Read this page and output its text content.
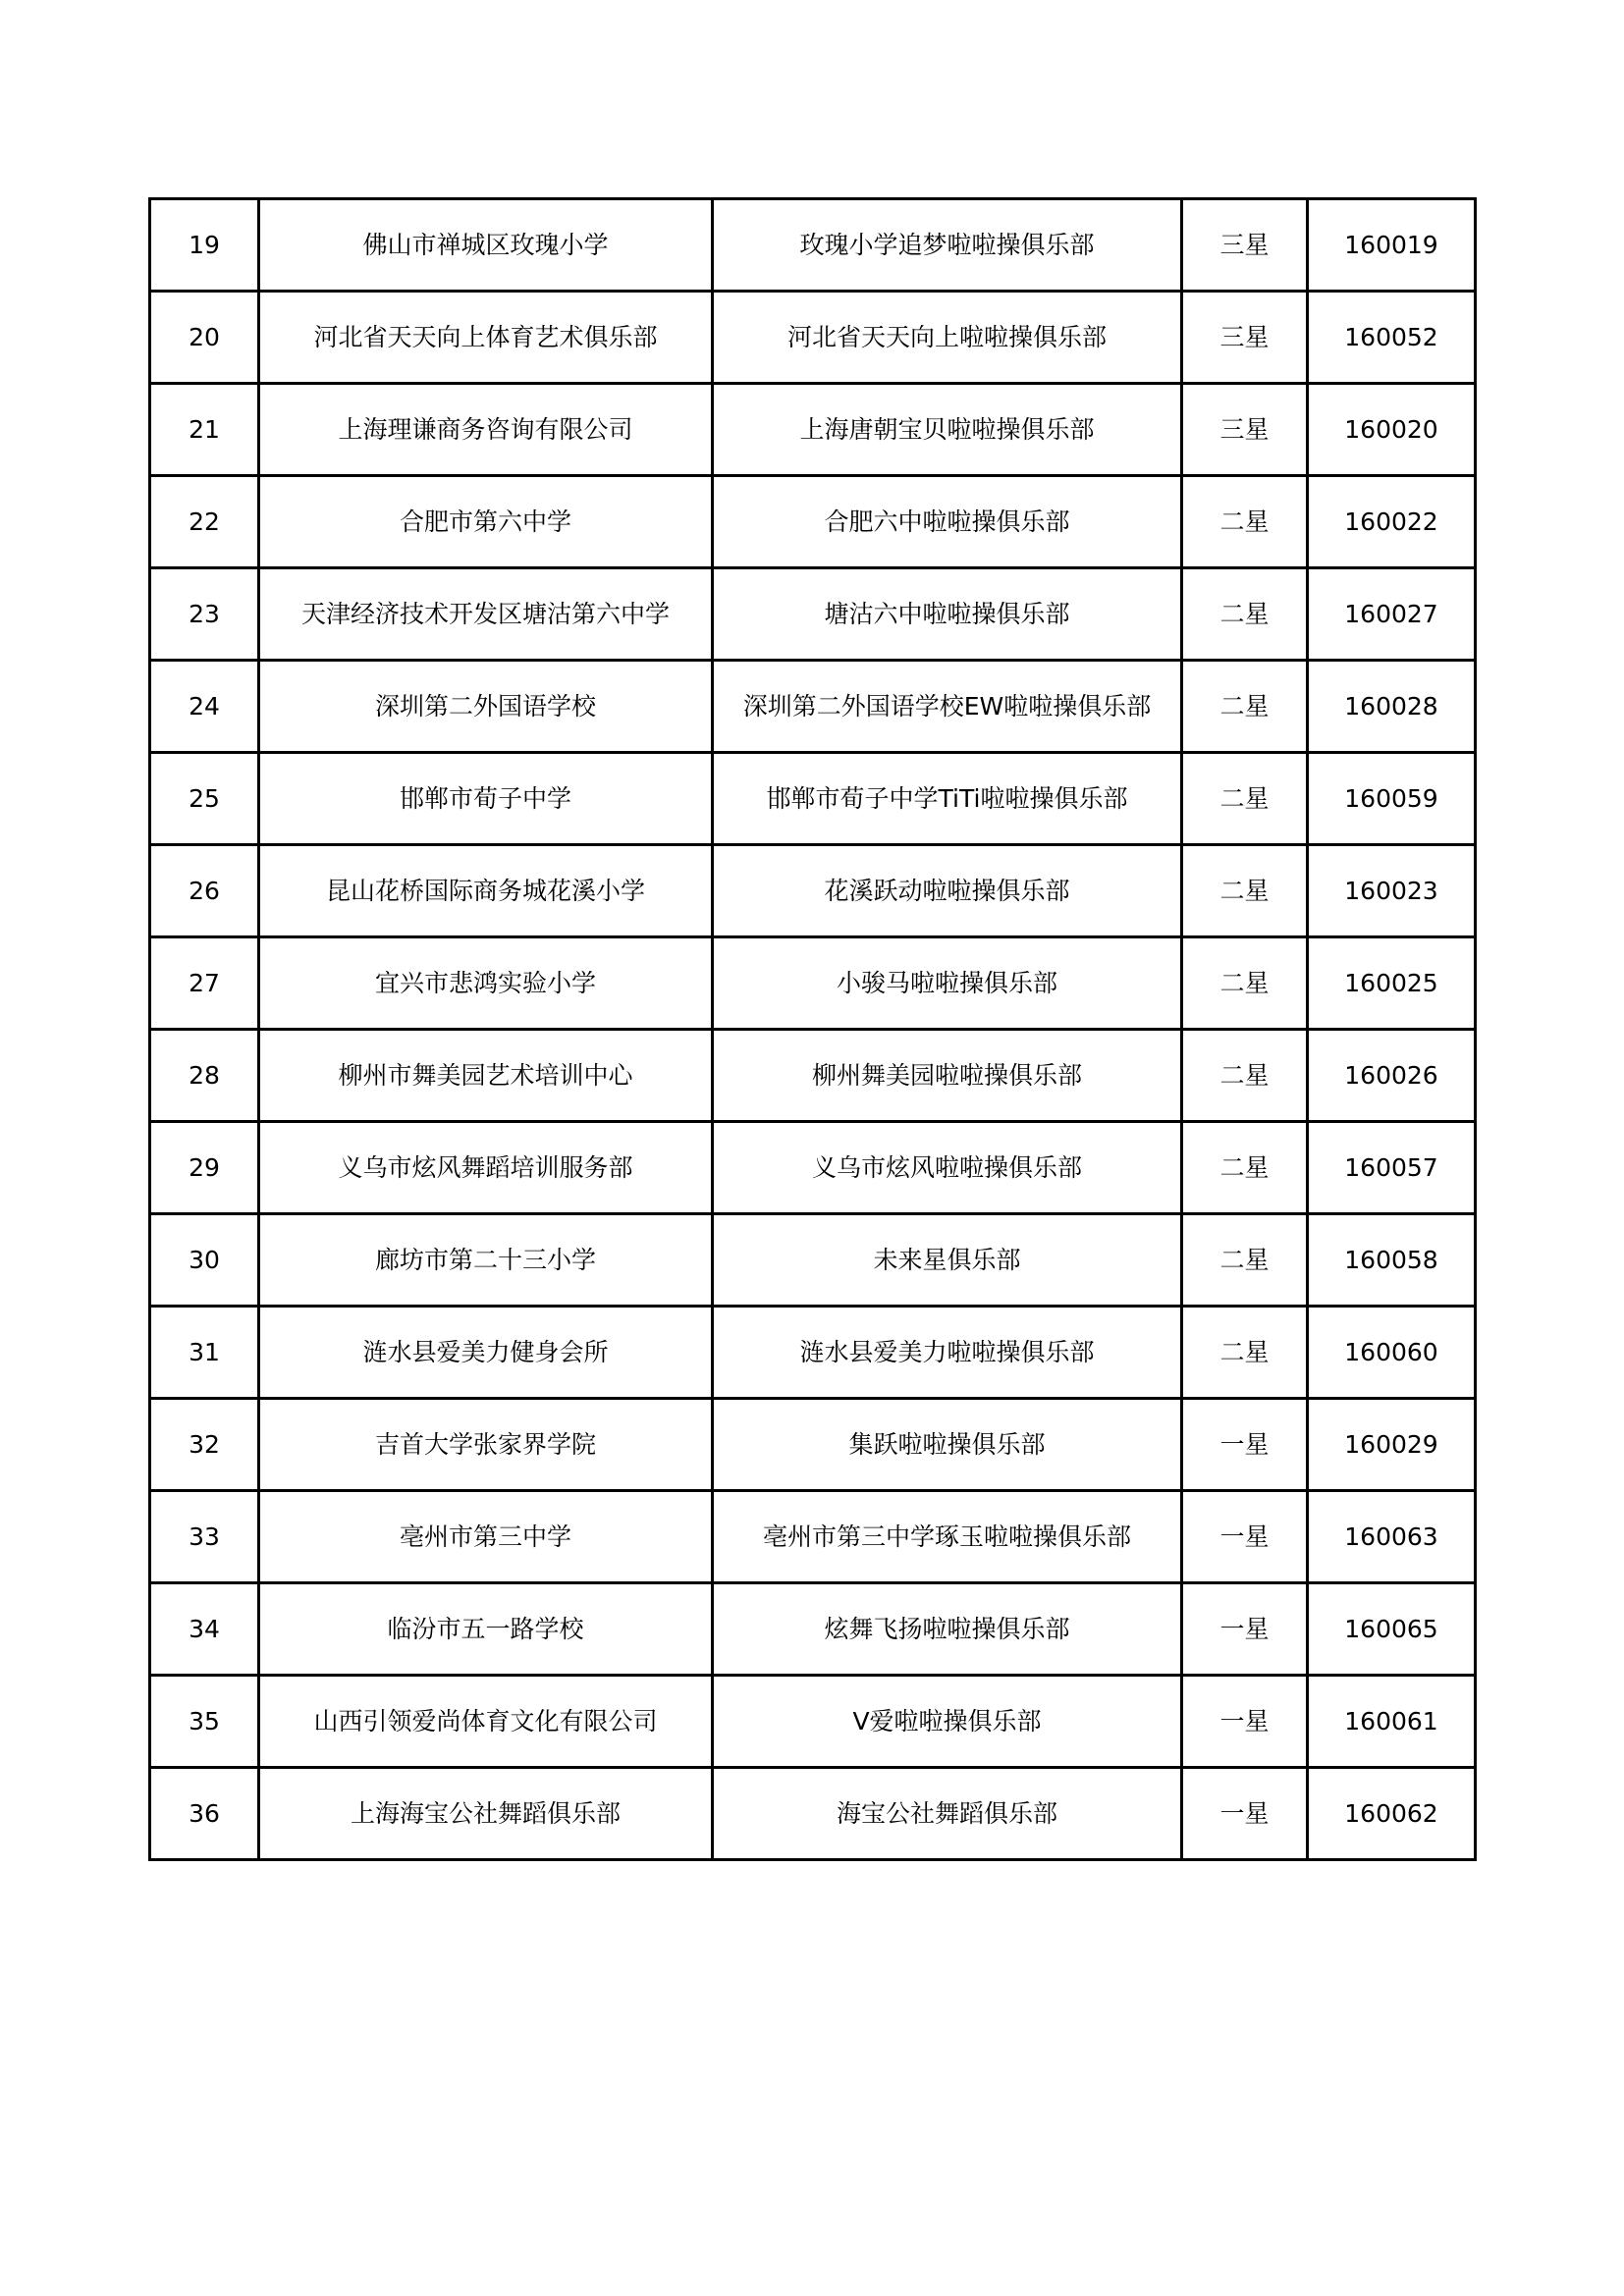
19	佛山市禅城区玫瑰小学	玫瑰小学追梦啦啦操俱乐部	三星	160019
20	河北省天天向上体育艺术俱乐部	河北省天天向上啦啦操俱乐部	三星	160052
21	上海理谦商务咨询有限公司	上海唐朝宝贝啦啦操俱乐部	三星	160020
22	合肥市第六中学	合肥六中啦啦操俱乐部	二星	160022
23	天津经济技术开发区塘沽第六中学	塘沽六中啦啦操俱乐部	二星	160027
24	深圳第二外国语学校	深圳第二外国语学校EW啦啦操俱乐部	二星	160028
25	邯郸市荀子中学	邯郸市荀子中学TiTi啦啦操俱乐部	二星	160059
26	昆山花桥国际商务城花溪小学	花溪跃动啦啦操俱乐部	二星	160023
27	宜兴市悲鸿实验小学	小骏马啦啦操俱乐部	二星	160025
28	柳州市舞美园艺术培训中心	柳州舞美园啦啦操俱乐部	二星	160026
29	义乌市炫风舞蹈培训服务部	义乌市炫风啦啦操俱乐部	二星	160057
30	廊坊市第二十三小学	未来星俱乐部	二星	160058
31	涟水县爱美力健身会所	涟水县爱美力啦啦操俱乐部	二星	160060
32	吉首大学张家界学院	集跃啦啦操俱乐部	一星	160029
33	亳州市第三中学	亳州市第三中学琢玉啦啦操俱乐部	一星	160063
34	临汾市五一路学校	炫舞飞扬啦啦操俱乐部	一星	160065
35	山西引领爱尚体育文化有限公司	V爱啦啦操俱乐部	一星	160061
36	上海海宝公社舞蹈俱乐部	海宝公社舞蹈俱乐部	一星	160062
